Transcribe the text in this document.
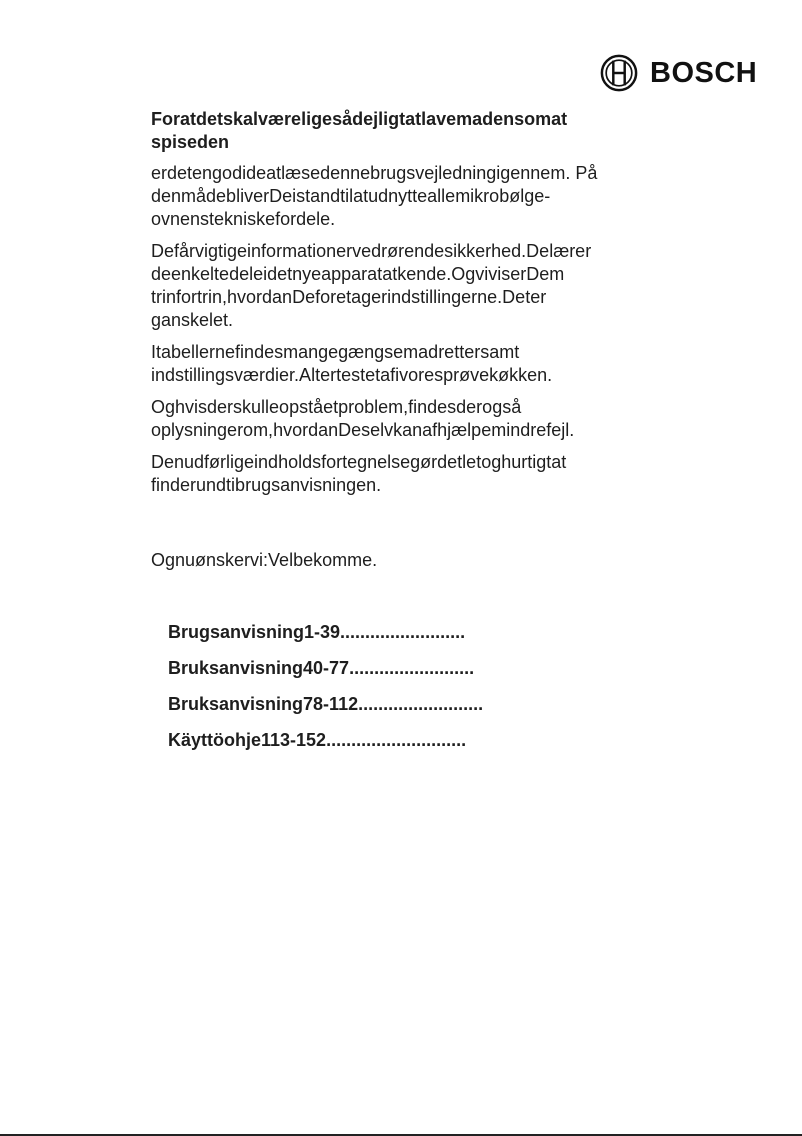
BOSCH

Foratdetskalværeligesådejligtatlavemadensomat spiseden

erdetengodideatlæsedennebrugsvejledningigennem. På denmådebliverDeistandtilatudnytteallemikrobølge-ovnenstekniskefordele.

Defårvigtigeinformationervedrørendesikkerhed.Delærer deenkeltedeleidetnyeapparatatkende.OgviviserDem trinfortrin,hvordanDeforetagerindstillingerne.Deter ganskelet.

Itabellernefindesmangegængsemadrettersamt indstillingsværdier.Altertestetafivoresprøvekøkken.

Oghvisderskulleopståetproblem,findesderogså oplysningerom,hvordanDeselvkanafhjælpemindrefejl.

Denudførligeindholdsfortegnelsegørdetletoghurtigtat finderundtibrugsanvisningen.

Ognuønskervi:Velbekomme.
Brugsanvisning1-39.........................
Bruksanvisning40-77.........................
Bruksanvisning78-112.........................
Käyttöohje113-152............................
